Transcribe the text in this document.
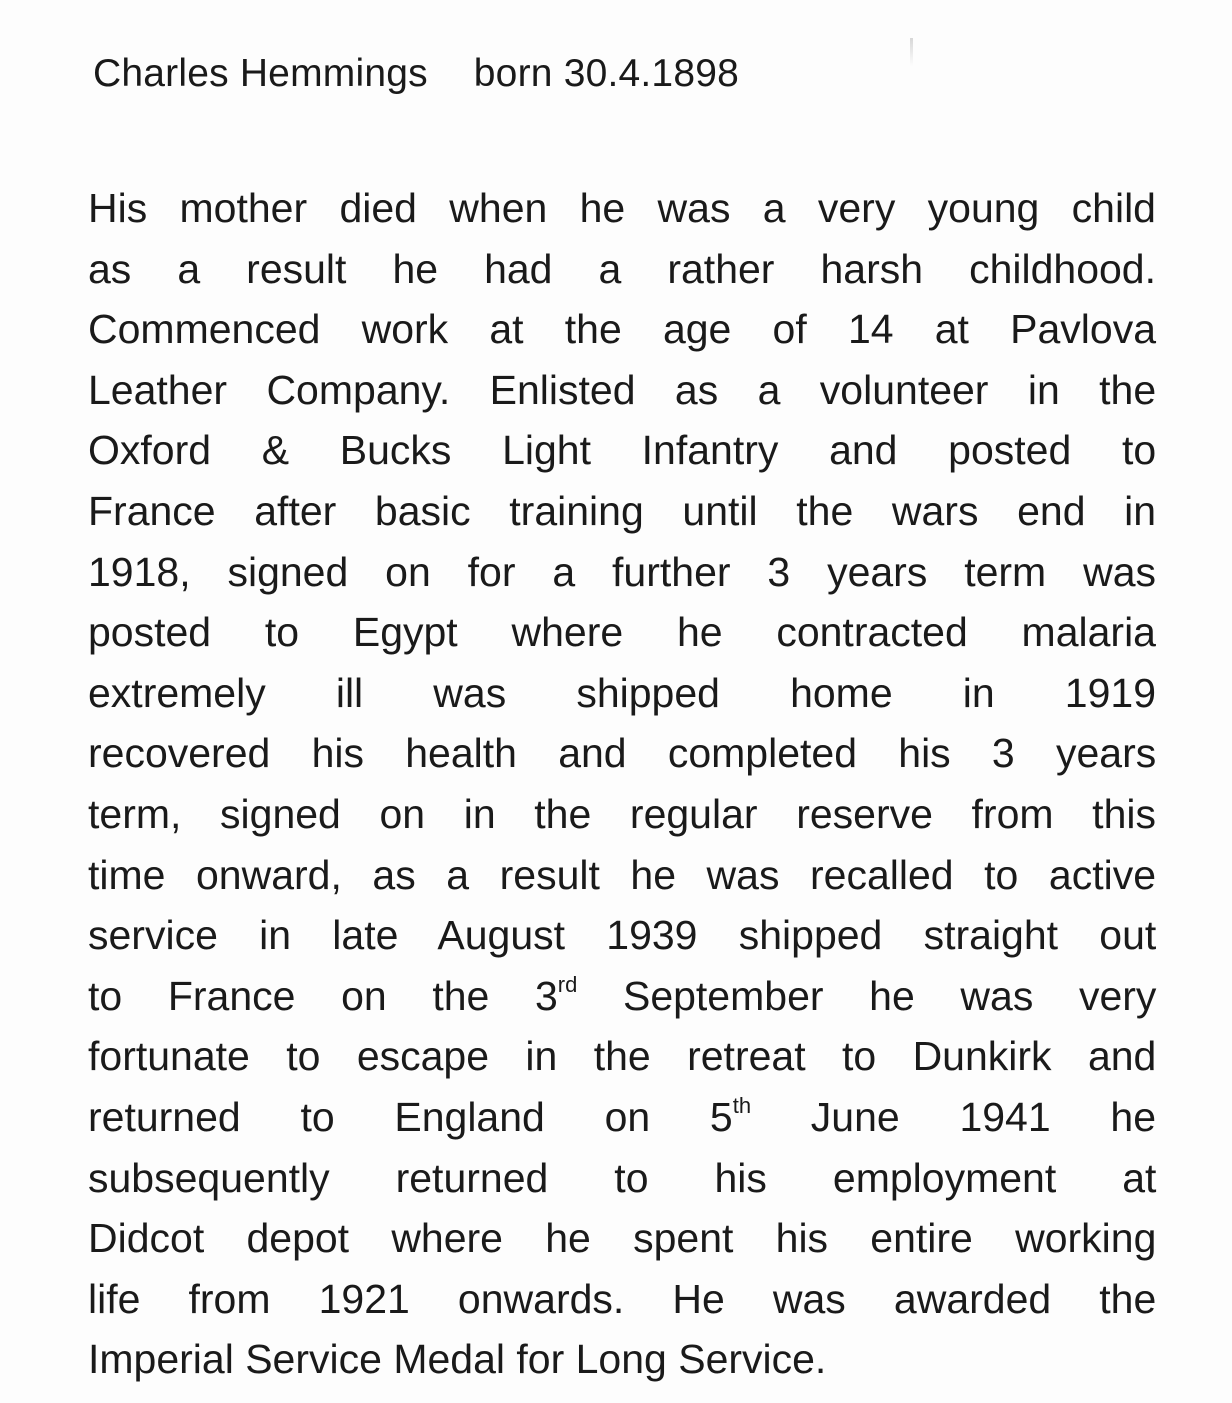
Charles Hemmings born 30.4.1898
His mother died when he was a very young child
as a result he had a rather harsh childhood.
Commenced work at the age of 14 at Pavlova
Leather Company. Enlisted as a volunteer in the
Oxford & Bucks Light Infantry and posted to
France after basic training until the wars end in
1918, signed on for a further 3 years term was
posted to Egypt where he contracted malaria
extremely ill was shipped home in 1919
recovered his health and completed his 3 years
term, signed on in the regular reserve from this
time onward, as a result he was recalled to active
service in late August 1939 shipped straight out
to France on the 3rd September he was very
fortunate to escape in the retreat to Dunkirk and
returned to England on 5th June 1941 he
subsequently returned to his employment at
Didcot depot where he spent his entire working
life from 1921 onwards. He was awarded the
Imperial Service Medal for Long Service.
